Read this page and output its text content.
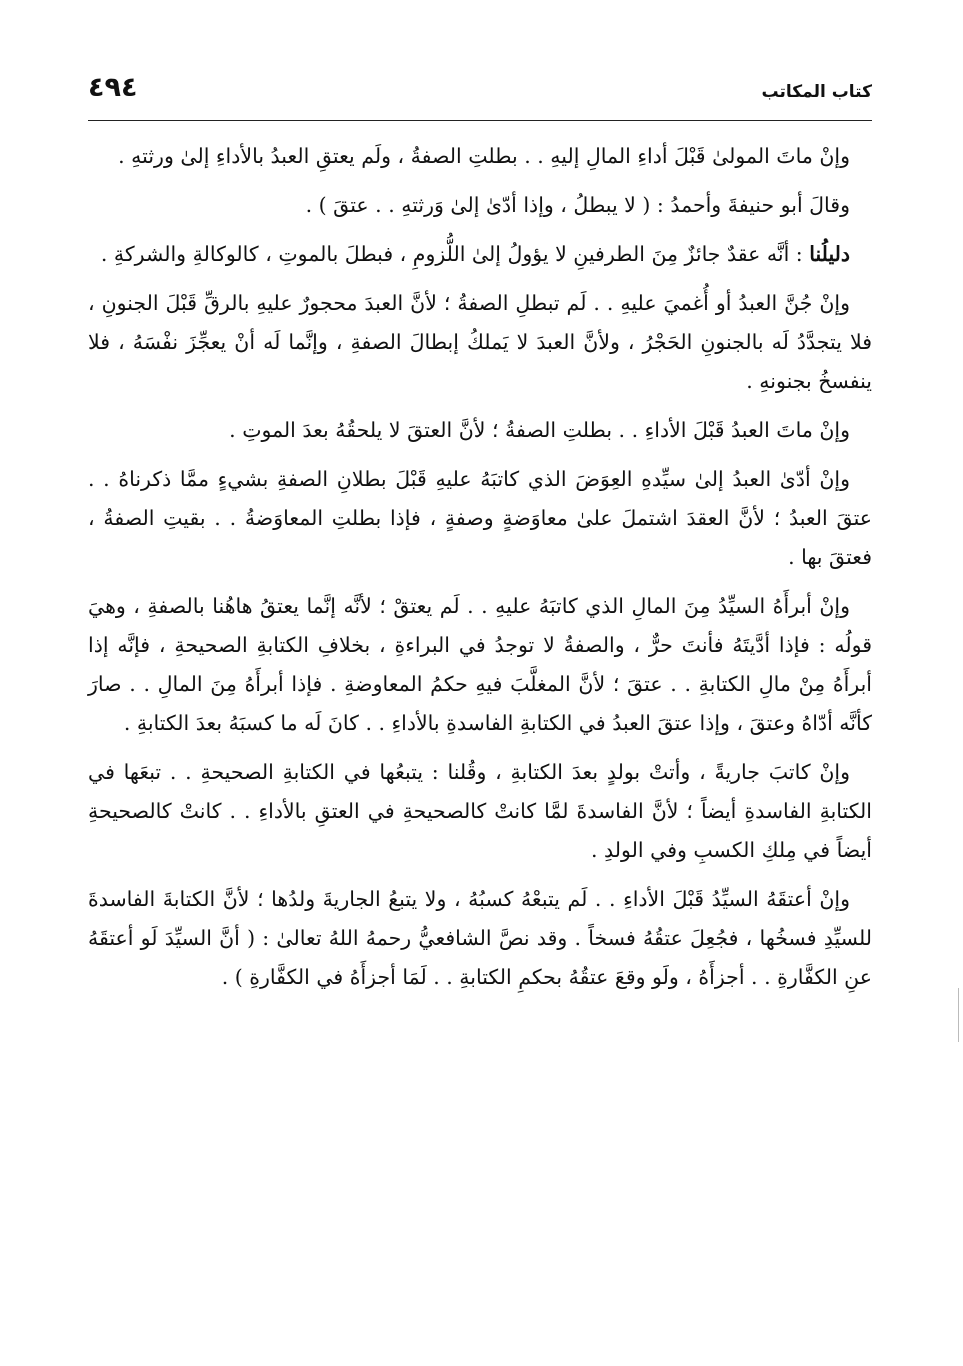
كتاب المكاتب
٤٩٤

وإنْ ماتَ المولىٰ قَبْلَ أداءِ المالِ إليهِ . . بطلتِ الصفةُ ، ولَم يعتقِ العبدُ بالأداءِ إلىٰ ورثتهِ .

وقالَ أبو حنيفةَ وأحمدُ : ( لا يبطلُ ، وإذا أدّىٰ إلىٰ وَرثتهِ . . عتقَ ) .

دليلُنا : أنَّه عقدٌ جائزٌ مِنَ الطرفينِ لا يؤولُ إلىٰ اللُّزومِ ، فبطلَ بالموتِ ، كالوكالةِ والشركةِ .

وإنْ جُنَّ العبدُ أو أُغميَ عليهِ . . لَم تبطلِ الصفةُ ؛ لأنَّ العبدَ محجورٌ عليهِ بالرقِّ قَبْلَ الجنونِ ، فلا يتجدَّدُ لَه بالجنونِ الحَجْرُ ، ولأنَّ العبدَ لا يَملكُ إبطالَ الصفةِ ، وإنَّما لَه أنْ يعجِّزَ نفْسَهُ ، فلا ينفسخُ بجنونهِ .

وإنْ ماتَ العبدُ قَبْلَ الأداءِ . . بطلتِ الصفةُ ؛ لأنَّ العتقَ لا يلحقُهُ بعدَ الموتِ .

وإنْ أدّىٰ العبدُ إلىٰ سيِّدهِ العِوَضَ الذي كاتبَهُ عليهِ قَبْلَ بطلانِ الصفةِ بشيءٍ ممَّا ذكرناهُ . . عتقَ العبدُ ؛ لأنَّ العقدَ اشتملَ علىٰ معاوَضةٍ وصفةٍ ، فإذا بطلتِ المعاوَضةُ . . بقيتِ الصفةُ ، فعتقَ بها .

وإنْ أبرأَهُ السيِّدُ مِنَ المالِ الذي كاتبَهُ عليهِ . . لَم يعتقْ ؛ لأنَّه إنَّما يعتقُ هاهُنا بالصفةِ ، وهيَ قولُه : فإذا أدَّيتَهُ فأنتَ حرٌّ ، والصفةُ لا توجدُ في البراءةِ ، بخلافِ الكتابةِ الصحيحةِ ، فإنَّه إذا أبرأَهُ مِنْ مالِ الكتابةِ . . عتقَ ؛ لأنَّ المغلَّبَ فيهِ حكمُ المعاوضةِ . فإذا أبرأَهُ مِنَ المالِ . . صارَ كأنَّه أدّاهُ وعتقَ ، وإذا عتقَ العبدُ في الكتابةِ الفاسدةِ بالأداءِ . . كانَ لَه ما كسبَهُ بعدَ الكتابةِ .

وإنْ كاتبَ جاريةً ، وأتتْ بولدٍ بعدَ الكتابةِ ، وقُلنا : يتبعُها في الكتابةِ الصحيحةِ . . تبعَها في الكتابةِ الفاسدةِ أيضاً ؛ لأنَّ الفاسدةَ لمَّا كانتْ كالصحيحةِ في العتقِ بالأداءِ . . كانتْ كالصحيحةِ أيضاً في مِلكِ الكسبِ وفي الولدِ .

وإنْ أعتقَهُ السيِّدُ قَبْلَ الأداءِ . . لَم يتبعْهُ كسبُهُ ، ولا يتبعُ الجاريةَ ولدُها ؛ لأنَّ الكتابةَ الفاسدةَ للسيِّدِ فسخُها ، فجُعِلَ عتقُهُ فسخاً . وقد نصَّ الشافعيُّ رحمهُ اللهُ تعالىٰ : ( أنَّ السيِّدَ لَو أعتقَهُ عنِ الكفَّارةِ . . أجزأَهُ ، ولَو وقعَ عتقُهُ بحكمِ الكتابةِ . . لَمَا أجزأَهُ في الكفَّارةِ ) .
